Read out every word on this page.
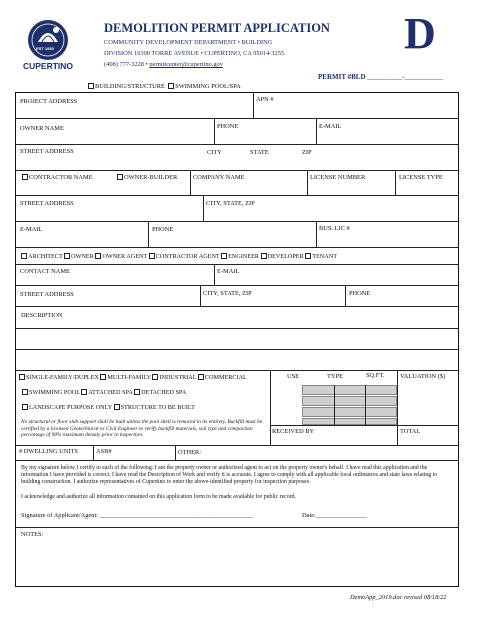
EST 1955
CUPERTINO
DEMOLITION PERMIT APPLICATION
COMMUNITY DEVELOPMENT DEPARTMENT • BUILDING
DIVISION 10300 TORRE AVENUE • CUPERTINO, CA 95014-3255
(408) 777-3228 • permitcenter@cupertino.gov
D
PERMIT #BLD __________-___________
BUILDING/STRUCTURE SWIMMING POOL/SPA
PROJECT ADDRESS	APN #
OWNER NAME	PHONE	E-MAIL
STREET ADDRESS	CITY	STATE	ZIP
CONTRACTOR NAME	OWNER-BUILDER COMPANY NAME	LICENSE NUMBER	LICENSE TYPE
STREET ADDRESS	CITY, STATE, ZIP
E-MAIL	PHONE	BUS. LIC #
ARCHITECT OWNER OWNER AGENT CONTRACTOR AGENT ENGINEER DEVELOPER TENANT
CONTACT NAME	E-MAIL
STREET ADDRESS	CITY, STATE, ZIP	PHONE
DESCRIPTION
SINGLE-FAMILY/DUPLEX MULTI-FAMILY INDUSTRIAL COMMERCIAL	USE	TYPE	SQ.FT. VALUATION ($)
SWIMMING POOL ATTACHED SPA DETACHED SPA
LANDSCAPE PURPOSE ONLY STRUCTURE TO BE BUILT
No structural or floor slab support shall be built unless the pool shell is removed in its entirety. Backfill must be certified by a licensed Geotechnical or Civil Engineer to verify backfill materials, soil type and compaction percentage of 90% maximum density prior to inspection.
RECEIVED BY	TOTAL
# DWELLING UNITS	ASB#	OTHER:
By my signature below I certify to each of the following: I am the property owner or authorized agent to act on the property owner's behalf. I have read this application and the information I have provided is correct. I have read the Description of Work and verify it is accurate. I agree to comply with all applicable local ordinances and state laws relating to building construction. I authorize representatives of Cupertino to enter the above-identified property for inspection purposes.
I acknowledge and authorize all information contained on this application form to be made available for public record.
Signature of Applicant/Agent: ________________________________________________	Date:________________
NOTES:
DemoApp_2019.doc revised 08/18/22
